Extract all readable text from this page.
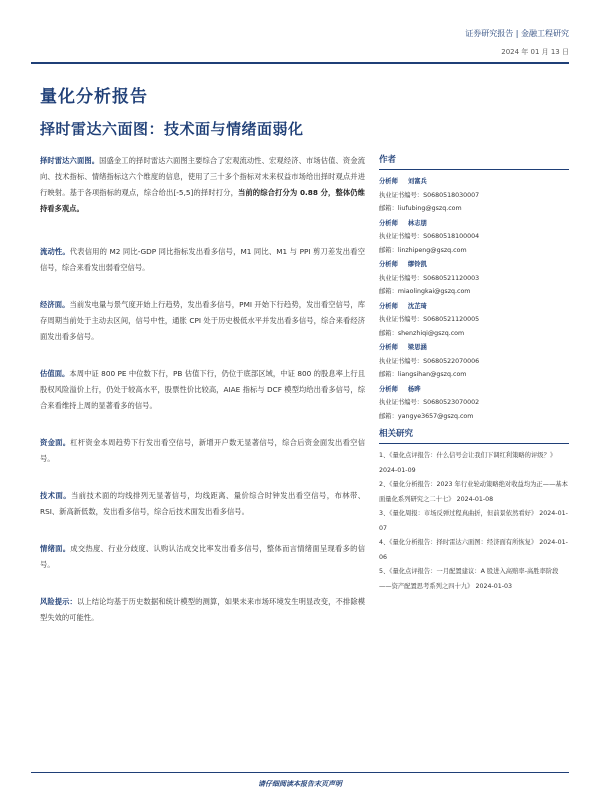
证券研究报告 | 金融工程研究
2024 年 01 月 13 日
量化分析报告
择时雷达六面图：技术面与情绪面弱化

择时雷达六面图。国盛金工的择时雷达六面图主要综合了宏观流动性、宏观经济、市场估值、资金流向、技术指标、情绪指标这六个维度的信息，使用了三十多个指标对未来权益市场给出择时观点并进行映射。基于各项指标的观点，综合给出[-5,5]的择时打分，当前的综合打分为 0.88 分，整体仍维持看多观点。

流动性。代表信用的 M2 同比-GDP 同比指标发出看多信号，M1 同比、M1 与 PPI 剪刀差发出看空信号，综合来看发出弱看空信号。

经济面。当前发电量与景气度开始上行趋势，发出看多信号，PMI 开始下行趋势，发出看空信号，库存周期当前处于主动去区间，信号中性，通胀 CPI 处于历史极低水平并发出看多信号，综合来看经济面发出看多信号。

估值面。本周中证 800 PE 中位数下行，PB 估值下行，仍位于底部区域，中证 800 的股息率上行且股权风险溢价上行，仍处于较高水平，股票性价比较高，AIAE 指标与 DCF 模型均给出看多信号，综合来看维持上周的显著看多的信号。

资金面。杠杆资金本周趋势下行发出看空信号，新增开户数无显著信号，综合后资金面发出看空信号。

技术面。当前技术面的均线排列无显著信号，均线距离、量价综合时钟发出看空信号，布林带、RSI、新高新低数，发出看多信号，综合后技术面发出看多信号。

情绪面。成交热度、行业分歧度、认购认沽成交比率发出看多信号，整体而言情绪面呈现看多的信号。

风险提示：以上结论均基于历史数据和统计模型的测算，如果未来市场环境发生明显改变，不排除模型失效的可能性。

作者
分析师 刘富兵
执业证书编号：S0680518030007
邮箱：liufubing@gszq.com
分析师 林志朋
执业证书编号：S0680518100004
邮箱：linzhipeng@gszq.com
分析师 缪铃凯
执业证书编号：S0680521120003
邮箱：miaolingkai@gszq.com
分析师 沈芷琦
执业证书编号：S0680521120005
邮箱：shenzhiqi@gszq.com
分析师 梁思涵
执业证书编号：S0680522070006
邮箱：liangsihan@gszq.com
分析师 杨晔
执业证书编号：S0680523070002
邮箱：yangye3657@gszq.com
相关研究
1、《量化点评报告：什么信号会让我们下调红利策略的评级？》 2024-01-09
2、《量化分析报告：2023 年行业轮动策略绝对收益均为正——基本面量化系列研究之二十七》 2024-01-08
3、《量化周报：市场反弹过程真曲折，但前景依然看好》 2024-01-07
4、《量化分析报告：择时雷达六面图：经济面有所恢复》 2024-01-06
5、《量化点评报告：一月配置建议：A 股进入高赔率-高胜率阶段——资产配置思考系列之四十九》 2024-01-03
请仔细阅读本报告末页声明
